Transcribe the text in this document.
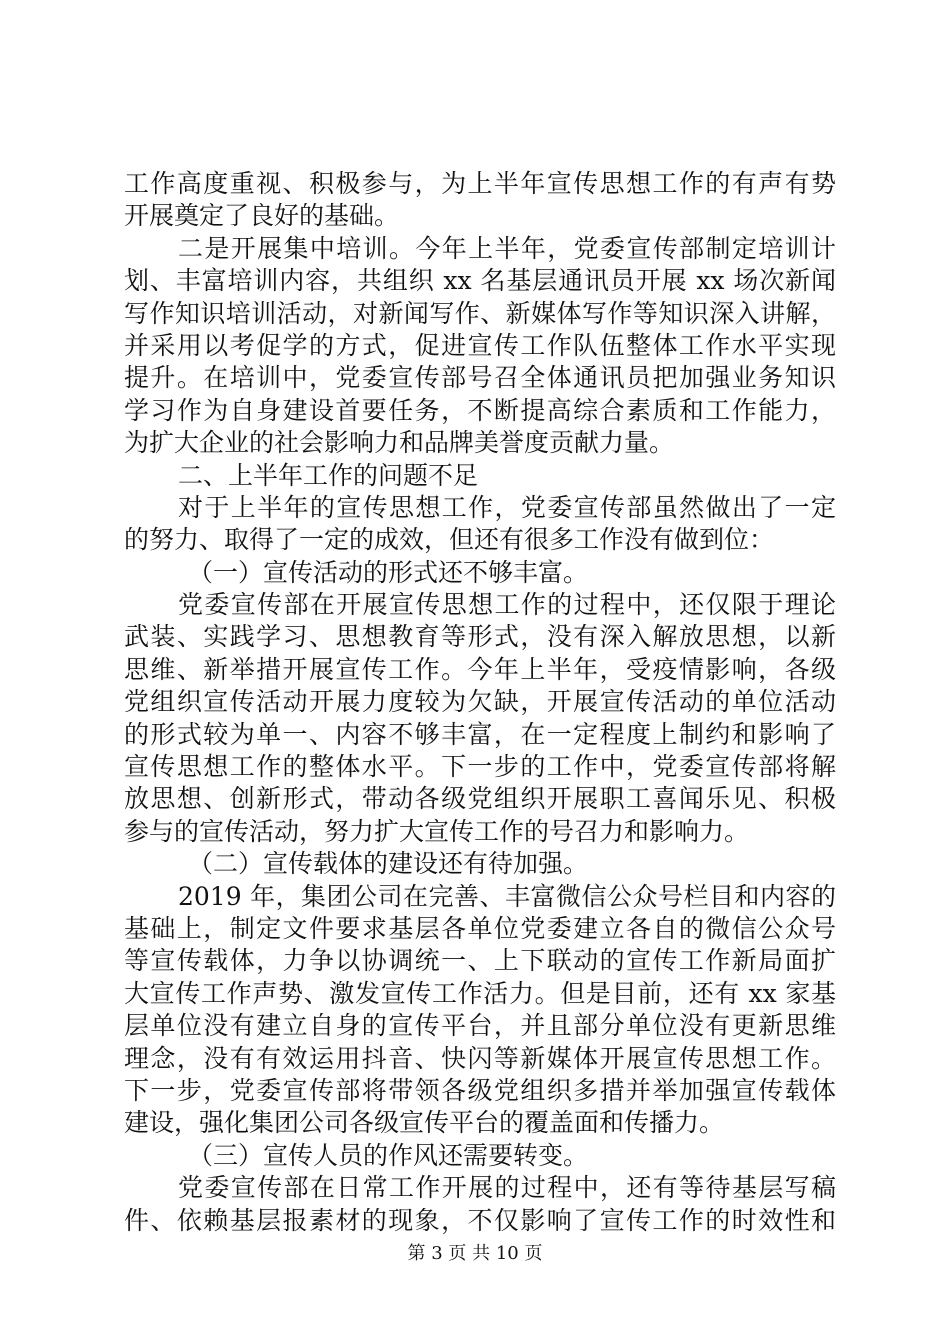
工作高度重视、积极参与，为上半年宣传思想工作的有声有势
开展奠定了良好的基础。
二是开展集中培训。今年上半年，党委宣传部制定培训计
划、丰富培训内容，共组织 xx 名基层通讯员开展 xx 场次新闻
写作知识培训活动，对新闻写作、新媒体写作等知识深入讲解，
并采用以考促学的方式，促进宣传工作队伍整体工作水平实现
提升。在培训中，党委宣传部号召全体通讯员把加强业务知识
学习作为自身建设首要任务，不断提高综合素质和工作能力，
为扩大企业的社会影响力和品牌美誉度贡献力量。
二、上半年工作的问题不足
对于上半年的宣传思想工作，党委宣传部虽然做出了一定
的努力、取得了一定的成效，但还有很多工作没有做到位：
（一）宣传活动的形式还不够丰富。
党委宣传部在开展宣传思想工作的过程中，还仅限于理论
武装、实践学习、思想教育等形式，没有深入解放思想，以新
思维、新举措开展宣传工作。今年上半年，受疫情影响，各级
党组织宣传活动开展力度较为欠缺，开展宣传活动的单位活动
的形式较为单一、内容不够丰富，在一定程度上制约和影响了
宣传思想工作的整体水平。下一步的工作中，党委宣传部将解
放思想、创新形式，带动各级党组织开展职工喜闻乐见、积极
参与的宣传活动，努力扩大宣传工作的号召力和影响力。
（二）宣传载体的建设还有待加强。
2019 年，集团公司在完善、丰富微信公众号栏目和内容的
基础上，制定文件要求基层各单位党委建立各自的微信公众号
等宣传载体，力争以协调统一、上下联动的宣传工作新局面扩
大宣传工作声势、激发宣传工作活力。但是目前，还有 xx 家基
层单位没有建立自身的宣传平台，并且部分单位没有更新思维
理念，没有有效运用抖音、快闪等新媒体开展宣传思想工作。
下一步，党委宣传部将带领各级党组织多措并举加强宣传载体
建设，强化集团公司各级宣传平台的覆盖面和传播力。
（三）宣传人员的作风还需要转变。
党委宣传部在日常工作开展的过程中，还有等待基层写稿
件、依赖基层报素材的现象，不仅影响了宣传工作的时效性和
第 3 页 共 10 页
